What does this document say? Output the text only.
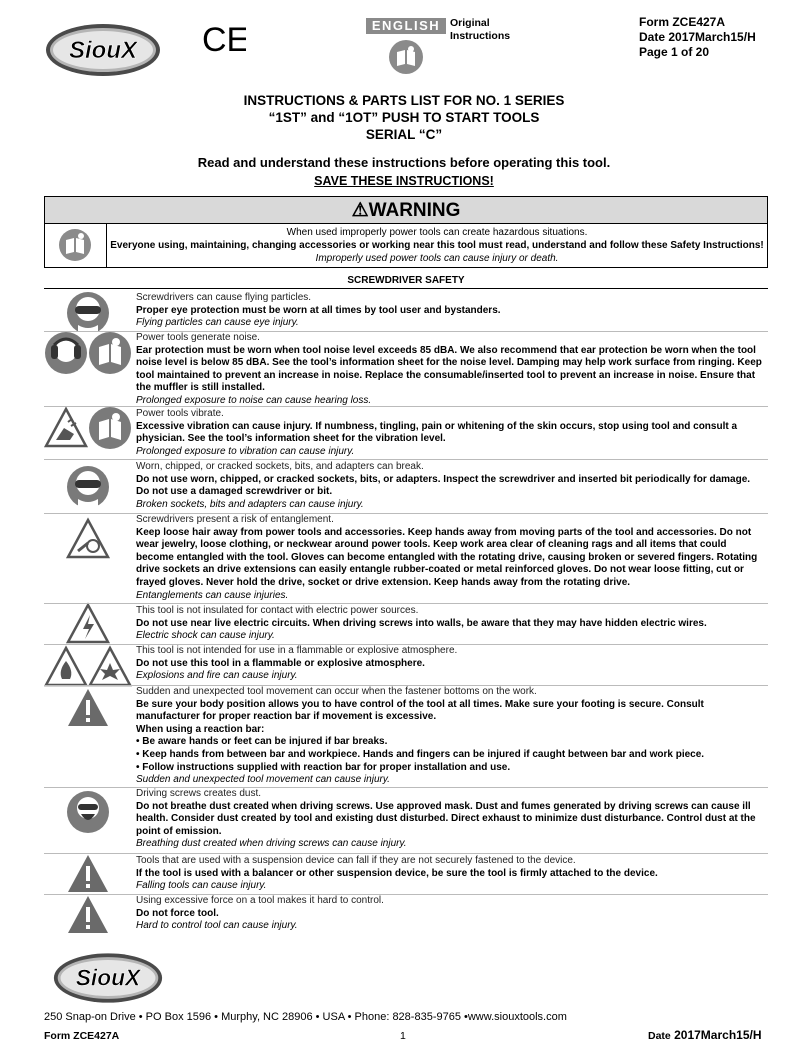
SiouX CE	ENGLISH Original
Instructions
Form ZCE427A
Date 2017March15/H
Page 1 of 20
INSTRUCTIONS & PARTS LIST FOR NO. 1 SERIES
“1ST” and “1OT” PUSH TO START TOOLS
SERIAL “C”
Read and understand these instructions before operating this tool.
SAVE THESE INSTRUCTIONS!
⚠WARNING
When used improperly power tools can create hazardous situations.
Everyone using, maintaining, changing accessories or working near this tool must read, understand and follow these Safety Instructions!
Improperly used power tools can cause injury or death.
SCREWDRIVER SAFETY
Screwdrivers can cause flying particles.
Proper eye protection must be worn at all times by tool user and bystanders.
Flying particles can cause eye injury.
Power tools generate noise.
Ear protection must be worn when tool noise level exceeds 85 dBA. We also recommend that ear protection be worn when the tool noise level is below 85 dBA. See the tool’s information sheet for the noise level. Damping may help work surface from ringing. Keep tool maintained to prevent an increase in noise. Replace the consumable/inserted tool to prevent an increase in noise. Ensure that the muffler is still installed.
Prolonged exposure to noise can cause hearing loss.
Power tools vibrate.
Excessive vibration can cause injury. If numbness, tingling, pain or whitening of the skin occurs, stop using tool and consult a physician. See the tool’s information sheet for the vibration level.
Prolonged exposure to vibration can cause injury.
Worn, chipped, or cracked sockets, bits, and adapters can break.
Do not use worn, chipped, or cracked sockets, bits, or adapters. Inspect the screwdriver and inserted bit periodically for damage. Do not use a damaged screwdriver or bit.
Broken sockets, bits and adapters can cause injury.
Screwdrivers present a risk of entanglement.
Keep loose hair away from power tools and accessories. Keep hands away from moving parts of the tool and accessories. Do not wear jewelry, loose clothing, or neckwear around power tools. Keep work area clear of cleaning rags and all items that could become entangled with the tool. Gloves can become entangled with the rotating drive, causing broken or severed fingers. Rotating drive sockets an drive extensions can easily entangle rubber-coated or metal reinforced gloves. Do not wear loose fitting, cut or frayed gloves. Never hold the drive, socket or drive extension. Keep hands away from the rotating drive.
Entanglements can cause injuries.
This tool is not insulated for contact with electric power sources.
Do not use near live electric circuits. When driving screws into walls, be aware that they may have hidden electric wires.
Electric shock can cause injury.
This tool is not intended for use in a flammable or explosive atmosphere.
Do not use this tool in a flammable or explosive atmosphere.
Explosions and fire can cause injury.
Sudden and unexpected tool movement can occur when the fastener bottoms on the work.
Be sure your body position allows you to have control of the tool at all times. Make sure your footing is secure. Consult manufacturer for proper reaction bar if movement is excessive.
When using a reaction bar:
• Be aware hands or feet can be injured if bar breaks.
• Keep hands from between bar and workpiece. Hands and fingers can be injured if caught between bar and work piece.
• Follow instructions supplied with reaction bar for proper installation and use.
Sudden and unexpected tool movement can cause injury.
Driving screws creates dust.
Do not breathe dust created when driving screws. Use approved mask. Dust and fumes generated by driving screws can cause ill health. Consider dust created by tool and existing dust disturbed. Direct exhaust to minimize dust disturbance. Control dust at the point of emission.
Breathing dust created when driving screws can cause injury.
Tools that are used with a suspension device can fall if they are not securely fastened to the device.
If the tool is used with a balancer or other suspension device, be sure the tool is firmly attached to the device.
Falling tools can cause injury.
Using excessive force on a tool makes it hard to control.
Do not force tool.
Hard to control tool can cause injury.
SiouX
250 Snap-on Drive • PO Box 1596 • Murphy, NC 28906 • USA • Phone: 828-835-9765 •www.siouxtools.com
Form ZCE427A	1	Date 2017March15/H
